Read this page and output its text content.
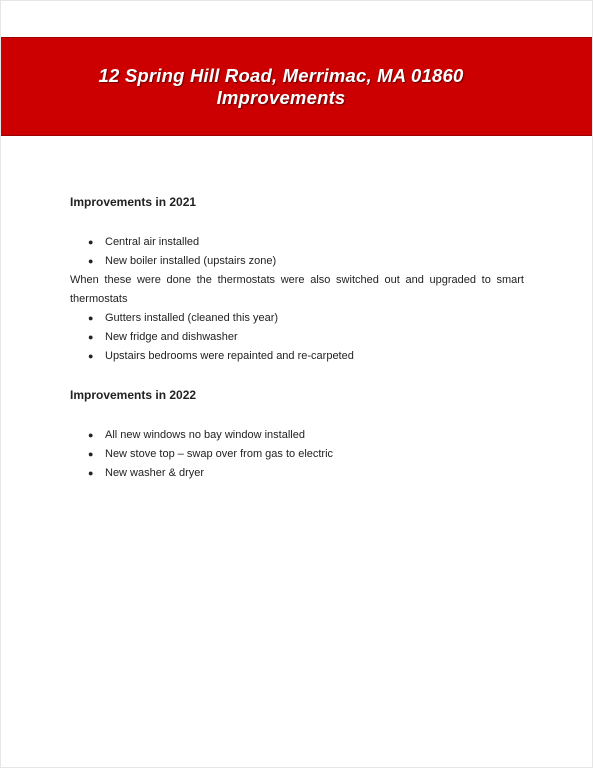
12 Spring Hill Road, Merrimac, MA 01860
Improvements
Improvements in 2021
● Central air installed
● New boiler installed (upstairs zone)

When these were done the thermostats were also switched out and upgraded to smart thermostats

● Gutters installed (cleaned this year)
● New fridge and dishwasher
● Upstairs bedrooms were repainted and re-carpeted
Improvements in 2022
● All new windows no bay window installed
● New stove top – swap over from gas to electric
● New washer & dryer
